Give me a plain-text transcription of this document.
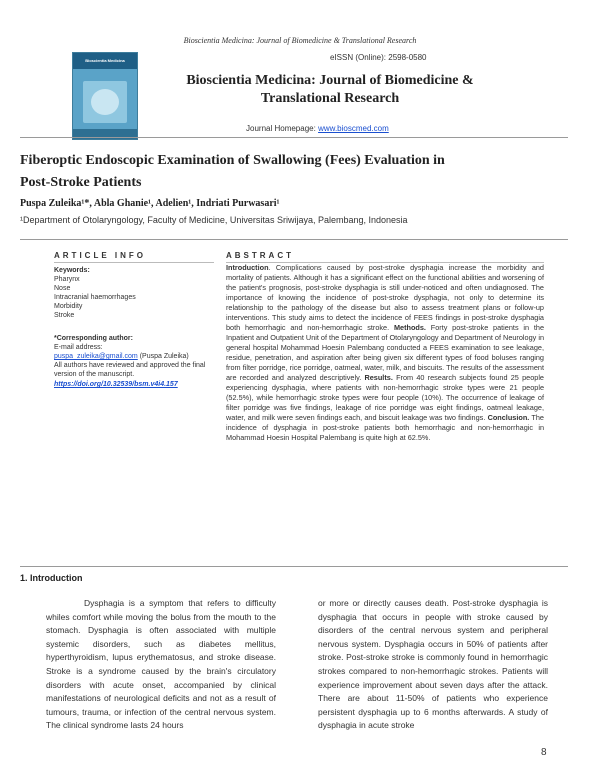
Bioscientia Medicina: Journal of Biomedicine & Translational Research
Bioscientia Medicina	eISSN (Online): 2598-0580
Bioscientia Medicina: Journal of Biomedicine &
Translational Research
Journal Homepage: www.bioscmed.com
Fiberoptic Endoscopic Examination of Swallowing (Fees) Evaluation in
Post-Stroke Patients
Puspa Zuleika¹*, Abla Ghanie¹, Adelien¹, Indriati Purwasari¹
¹Department of Otolaryngology, Faculty of Medicine, Universitas Sriwijaya, Palembang, Indonesia
ARTICLE INFO	ABSTRACT
Keywords:
Pharynx
Nose
Intracranial haemorrhages
Morbidity
Stroke
*Corresponding author:
E-mail address:
puspa_zuleika@gmail.com (Puspa Zuleika)
All authors have reviewed and approved the final version of the manuscript.
https://doi.org/10.32539/bsm.v4i4.157
Introduction. Complications caused by post-stroke dysphagia increase the morbidity and mortality of patients. Although it has a significant effect on the functional abilities and worsening of the patient's prognosis, post-stroke dysphagia is still under-noticed and often undiagnosed. The importance of knowing the incidence of post-stroke dysphagia, not only to determine its relationship to the pathology of the disease but also to assess treatment plans or follow-up interventions. This study aims to detect the incidence of FEES findings in post-stroke dysphagia both hemorrhagic and non-hemorrhagic stroke. Methods. Forty post-stroke patients in the Inpatient and Outpatient Unit of the Department of Otolaryngology and Department of Neurology in general hospital Mohammad Hoesin Palembang conducted a FEES examination to see leakage, residue, penetration, and aspiration after being given six different types of food boluses ranging from filter porridge, rice porridge, oatmeal, water, milk, and biscuits. The results of the assessment are recorded and analyzed descriptively. Results. From 40 research subjects found 25 people experiencing dysphagia, where patients with non-hemorrhagic stroke types were 21 people (52.5%), while hemorrhagic stroke types were four people (10%). The occurrence of leakage of filter porridge was five findings, leakage of rice porridge was eight findings, oatmeal leakage, water, and milk were seven findings each, and biscuit leakage was two findings. Conclusion. The incidence of dysphagia in post-stroke patients both hemorrhagic and non-hemorrhagic in Mohammad Hoesin Hospital Palembang is quite high at 62.5%.
1. Introduction
Dysphagia is a symptom that refers to difficulty whiles comfort while moving the bolus from the mouth to the stomach. Dysphagia is often associated with multiple systemic disorders, such as diabetes mellitus, hyperthyroidism, lupus erythematosus, and stroke disease. Stroke is a syndrome caused by the brain's circulatory disorders with acute onset, accompanied by clinical manifestations of neurological deficits and not as a result of tumours, trauma, or infection of the central nervous system. The clinical syndrome lasts 24 hours
or more or directly causes death. Post-stroke dysphagia is dysphagia that occurs in people with stroke caused by disorders of the central nervous system and peripheral nervous system. Dysphagia occurs in 50% of patients after stroke. Post-stroke stroke is commonly found in hemorrhagic strokes compared to non-hemorrhagic strokes. Patients will experience improvement about seven days after the attack. There are about 11-50% of patients who experience persistent dysphagia up to 6 months afterwards. A study of dysphagia in acute stroke
8
